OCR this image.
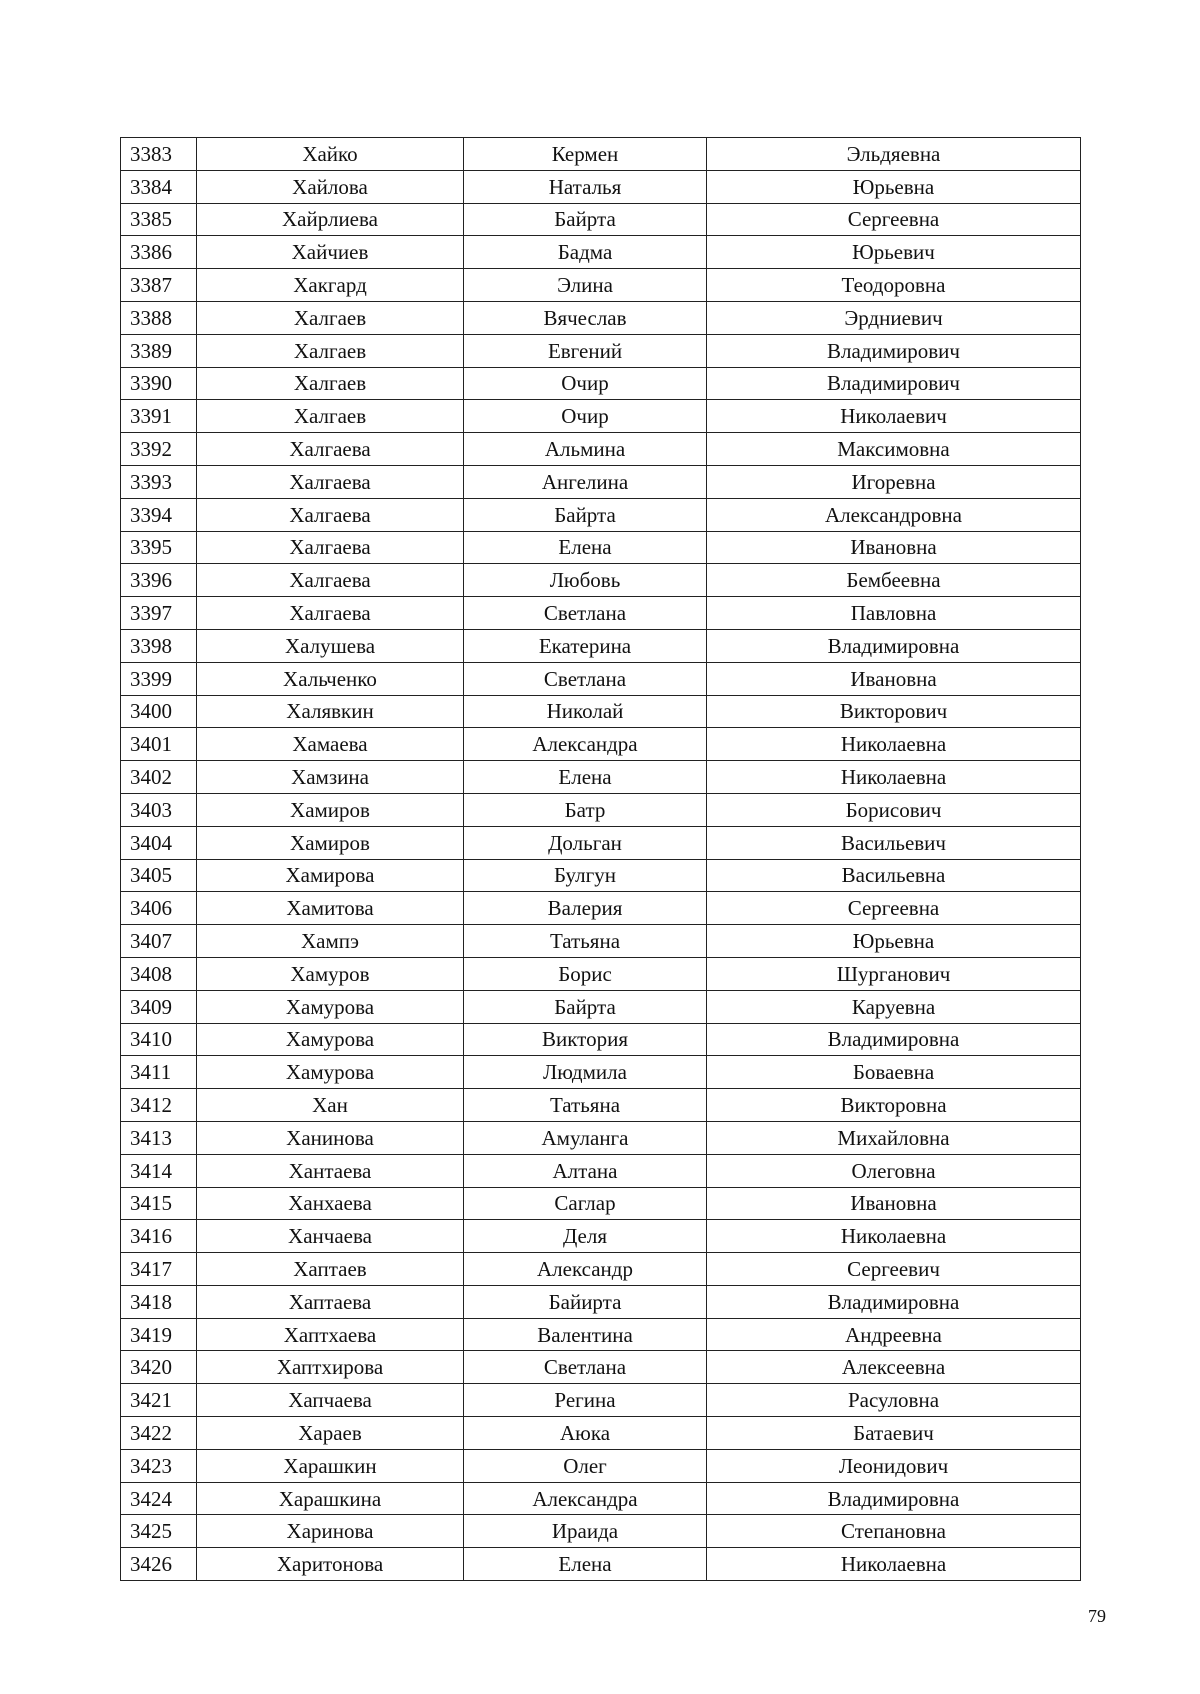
3383	Хайко	Кермен	Эльдяевна
3384	Хайлова	Наталья	Юрьевна
3385	Хайрлиева	Байрта	Сергеевна
3386	Хайчиев	Бадма	Юрьевич
3387	Хакгард	Элина	Теодоровна
3388	Халгаев	Вячеслав	Эрдниевич
3389	Халгаев	Евгений	Владимирович
3390	Халгаев	Очир	Владимирович
3391	Халгаев	Очир	Николаевич
3392	Халгаева	Альмина	Максимовна
3393	Халгаева	Ангелина	Игоревна
3394	Халгаева	Байрта	Александровна
3395	Халгаева	Елена	Ивановна
3396	Халгаева	Любовь	Бембеевна
3397	Халгаева	Светлана	Павловна
3398	Халушева	Екатерина	Владимировна
3399	Хальченко	Светлана	Ивановна
3400	Халявкин	Николай	Викторович
3401	Хамаева	Александра	Николаевна
3402	Хамзина	Елена	Николаевна
3403	Хамиров	Батр	Борисович
3404	Хамиров	Дольган	Васильевич
3405	Хамирова	Булгун	Васильевна
3406	Хамитова	Валерия	Сергеевна
3407	Хампэ	Татьяна	Юрьевна
3408	Хамуров	Борис	Шурганович
3409	Хамурова	Байрта	Каруевна
3410	Хамурова	Виктория	Владимировна
3411	Хамурова	Людмила	Боваевна
3412	Хан	Татьяна	Викторовна
3413	Ханинова	Амуланга	Михайловна
3414	Хантаева	Алтана	Олеговна
3415	Ханхаева	Саглар	Ивановна
3416	Ханчаева	Деля	Николаевна
3417	Хаптаев	Александр	Сергеевич
3418	Хаптаева	Байирта	Владимировна
3419	Хаптхаева	Валентина	Андреевна
3420	Хаптхирова	Светлана	Алексеевна
3421	Хапчаева	Регина	Расуловна
3422	Хараев	Аюка	Батаевич
3423	Харашкин	Олег	Леонидович
3424	Харашкина	Александра	Владимировна
3425	Харинова	Ираида	Степановна
3426	Харитонова	Елена	Николаевна
79
